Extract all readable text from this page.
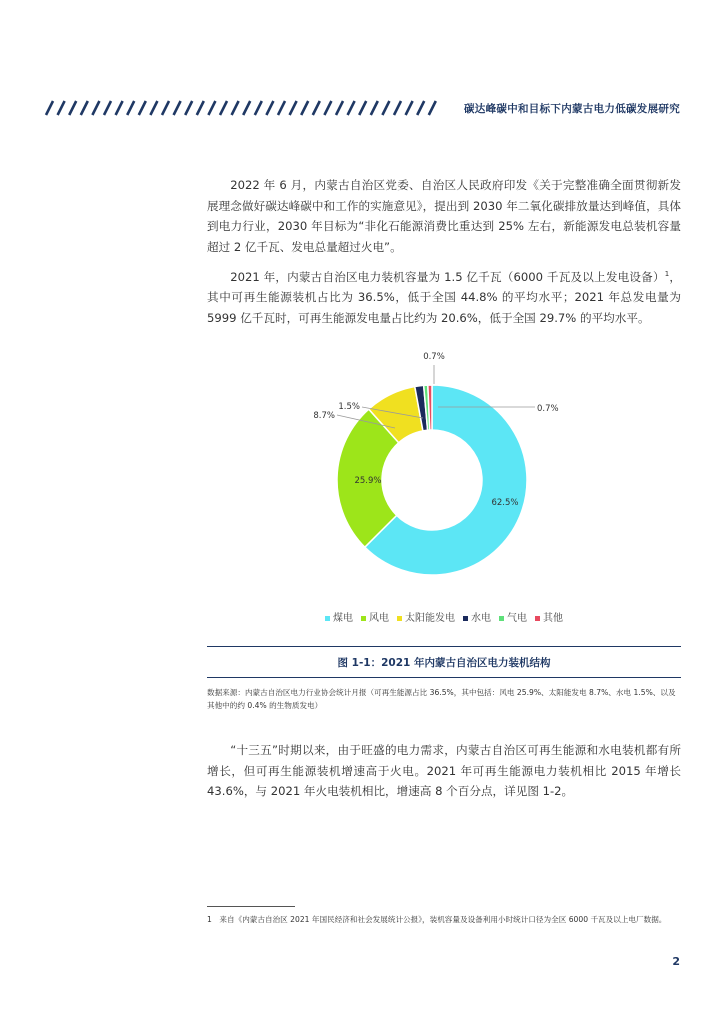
碳达峰碳中和目标下内蒙古电力低碳发展研究

2022 年 6 月，内蒙古自治区党委、自治区人民政府印发《关于完整准确全面贯彻新发展理念做好碳达峰碳中和工作的实施意见》，提出到 2030 年二氧化碳排放量达到峰值，具体到电力行业，2030 年目标为“非化石能源消费比重达到 25% 左右，新能源发电总装机容量超过 2 亿千瓦、发电总量超过火电”。

2021 年，内蒙古自治区电力装机容量为 1.5 亿千瓦（6000 千瓦及以上发电设备）$^1$，其中可再生能源装机占比为 36.5%，低于全国 44.8% 的平均水平；2021 年总发电量为 5999 亿千瓦时，可再生能源发电量占比约为 20.6%，低于全国 29.7% 的平均水平。

62.5%
25.9%
8.7%
1.5%
0.7%
0.7%
煤电 风电 太阳能发电 水电 气电 其他
图 1-1：2021 年内蒙古自治区电力装机结构
数据来源：内蒙古自治区电力行业协会统计月报（可再生能源占比 36.5%，其中包括：风电 25.9%、太阳能发电 8.7%、水电 1.5%、以及其他中的约 0.4% 的生物质发电）

“十三五”时期以来，由于旺盛的电力需求，内蒙古自治区可再生能源和水电装机都有所增长，但可再生能源装机增速高于火电。2021 年可再生能源电力装机相比 2015 年增长 43.6%，与 2021 年火电装机相比，增速高 8 个百分点，详见图 1-2。

1　来自《内蒙古自治区 2021 年国民经济和社会发展统计公报》，装机容量及设备利用小时统计口径为全区 6000 千瓦及以上电厂数据。
2
